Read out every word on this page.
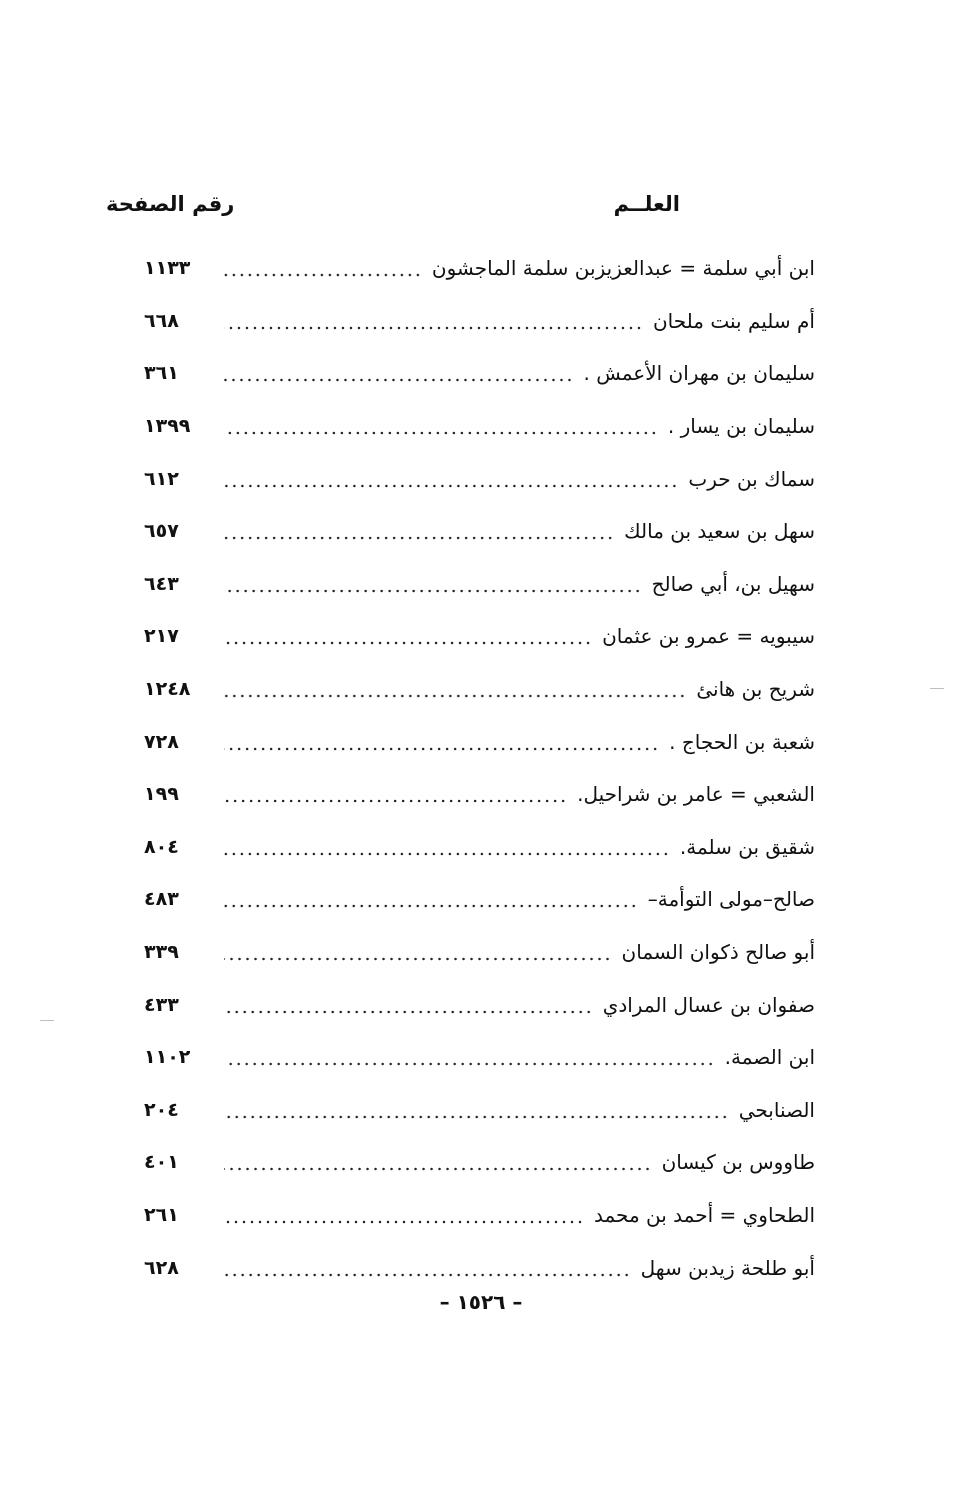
العلــم
رقم الصفحة
ابن أبي سلمة = عبدالعزيزبن سلمة الماجشون
١١٣٣
أم سليم بنت ملحان
٦٦٨
سليمان بن مهران الأعمش .
٣٦١
سليمان بن يسار .
١٣٩٩
سماك بن حرب
٦١٢
سهل بن سعيد بن مالك
٦٥٧
سهيل بن، أبي صالح
٦٤٣
سيبويه = عمرو بن عثمان
٢١٧
شريح بن هانئ
١٢٤٨
شعبة بن الحجاج .
٧٢٨
الشعبي = عامر بن شراحيل.
١٩٩
شقيق بن سلمة.
٨٠٤
صالح–مولى التوأمة–
٤٨٣
أبو صالح ذكوان السمان
٣٣٩
صفوان بن عسال المرادي
٤٣٣
ابن الصمة.
١١٠٢
الصنابحي
٢٠٤
طاووس بن كيسان
٤٠١
الطحاوي = أحمد بن محمد
٢٦١
أبو طلحة زيدبن سهل
٦٢٨
– ١٥٢٦ –
